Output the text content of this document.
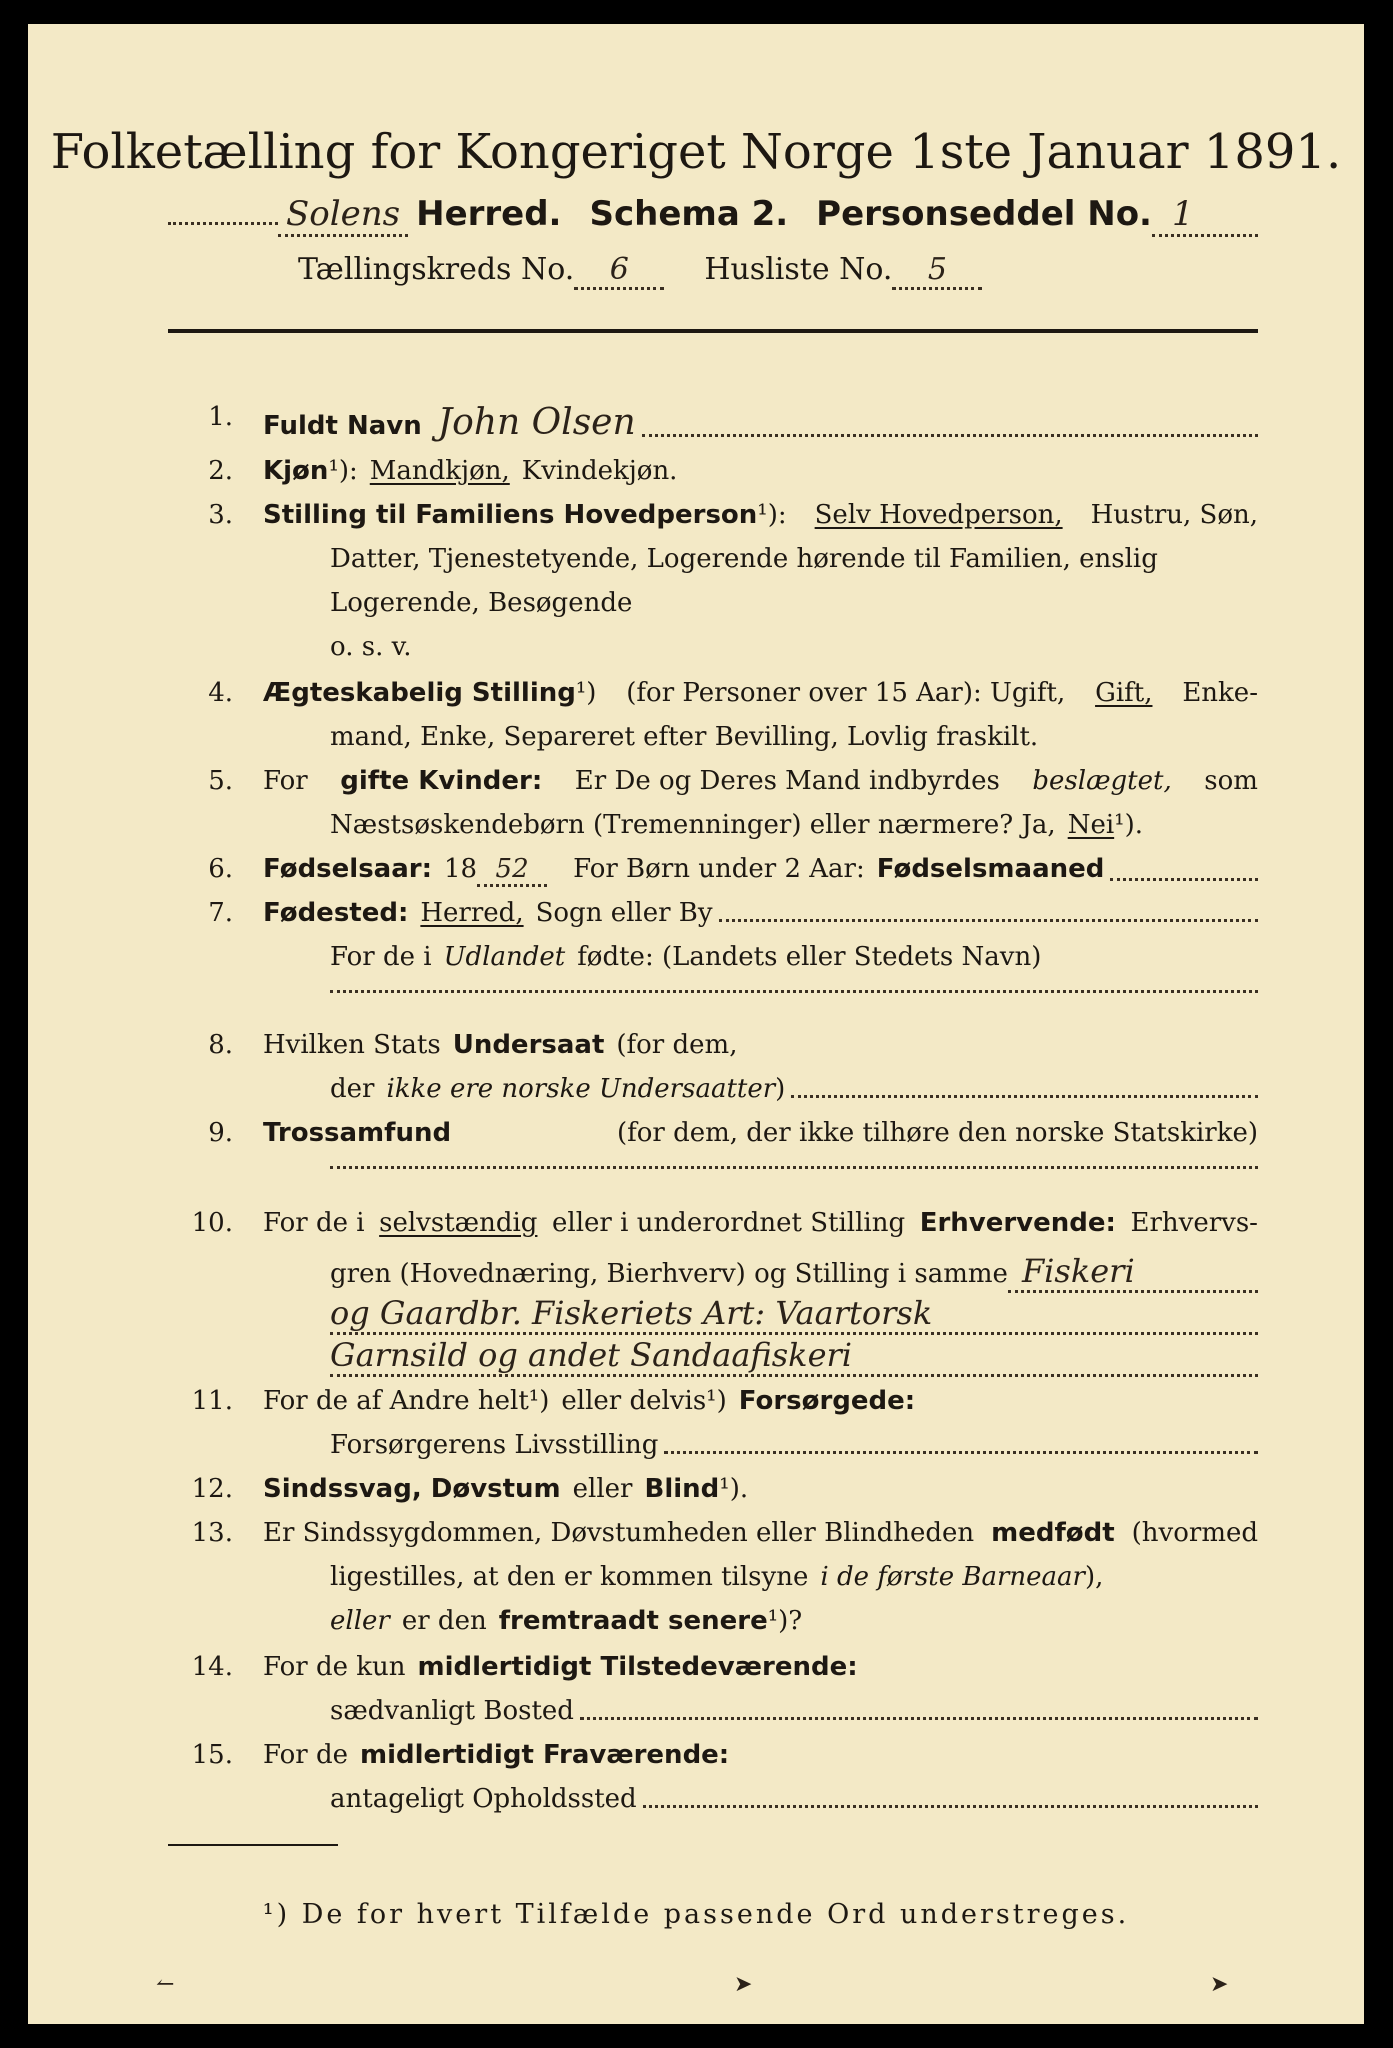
Folketælling for Kongeriget Norge 1ste Januar 1891.
Solens Herred. Schema 2. Personseddel No. 1
Tællingskreds No.	6	Husliste No.	5
1. Fuldt Navn John Olsen
2. Kjøn ¹): Mandkjøn, Kvindekjøn.
3. Stilling til Familiens Hovedperson¹): Selv Hovedperson, Hustru, Søn,
Datter, Tjenestetyende, Logerende hørende til Familien, enslig
Logerende, Besøgende
o. s. v.
4. Ægteskabelig Stilling¹) (for Personer over 15 Aar): Ugift, Gift, Enke-
mand, Enke, Separeret efter Bevilling, Lovlig fraskilt.
5. For gifte Kvinder: Er De og Deres Mand indbyrdes beslægtet, som
Næstsøskendebørn (Tremenninger) eller nærmere? Ja, Nei ¹).
6. Fødselsaar: 18 52	For Børn under 2 Aar: Fødselsmaaned
7. Fødested: Herred, Sogn eller By
For de i Udlandet fødte: (Landets eller Stedets Navn)
8. Hvilken Stats Undersaat (for dem,
der ikke ere norske Undersaatter )
9. Trossamfund	(for dem, der ikke tilhøre den norske Statskirke)
10. For de i selvstændig eller i underordnet Stilling Erhvervende: Erhvervs-
gren (Hovednæring, Bierhverv) og Stilling i samme Fiskeri
og Gaardbr. Fiskeriets Art: Vaartorsk
Garnsild og andet Sandaafiskeri
11. For de af Andre helt ¹) eller delvis ¹) Forsørgede:
Forsørgerens Livsstilling
12. Sindssvag, Døvstum eller Blind ¹).
13. Er Sindssygdommen, Døvstumheden eller Blindheden medfødt (hvormed
ligestilles, at den er kommen tilsyne i de første Barneaar ),
eller er den fremtraadt senere ¹)?
14. For de kun midlertidigt Tilstedeværende:
sædvanligt Bosted
15. For de midlertidigt Fraværende:
antageligt Opholdssted
¹) De for hvert Tilfælde passende Ord understreges.
↼	➤	➤
